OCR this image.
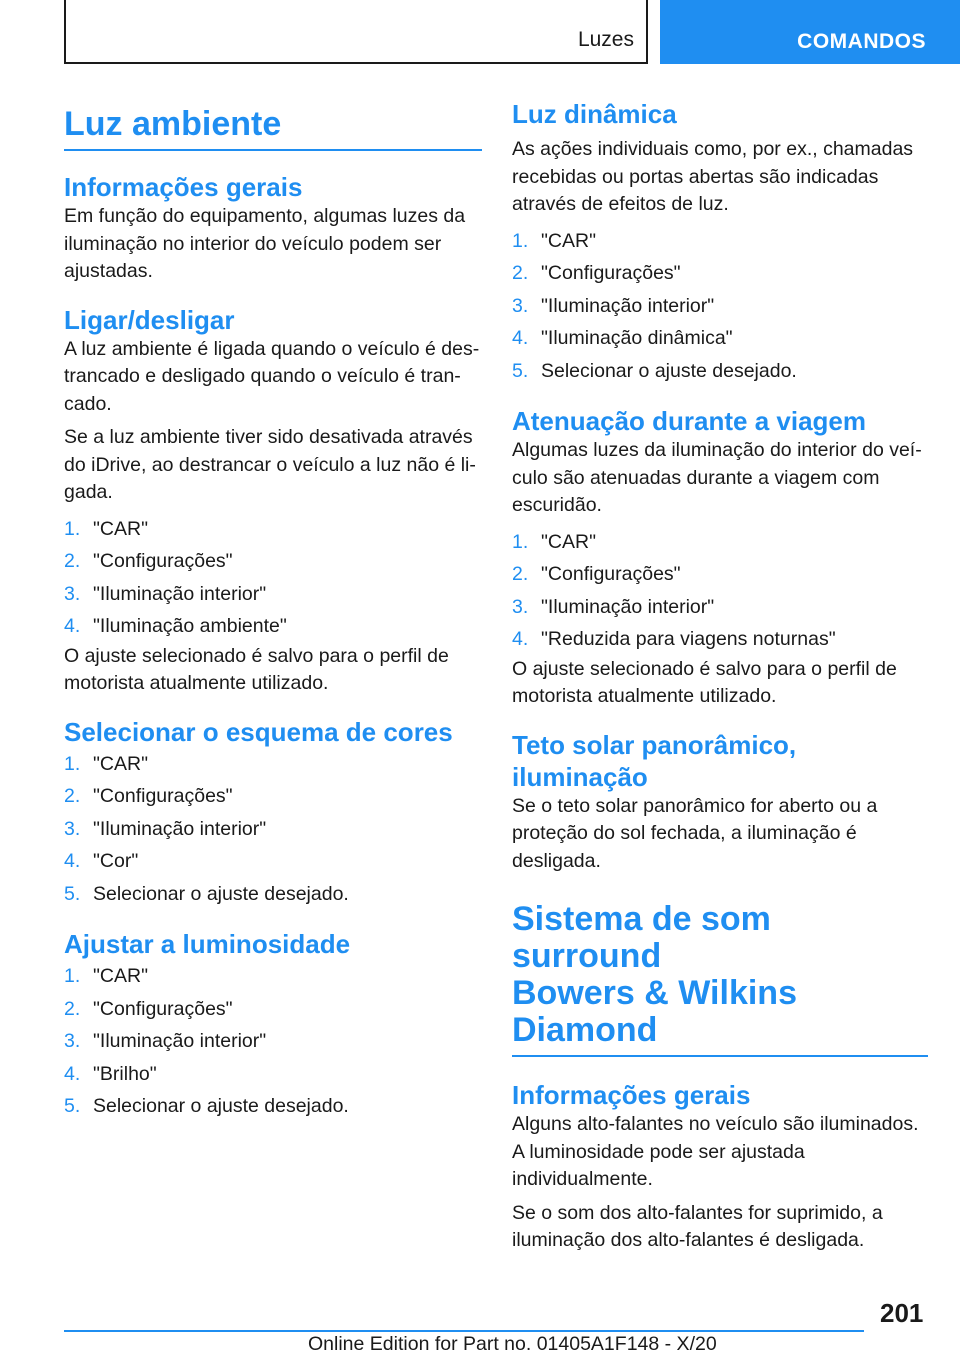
Luzes	COMANDOS
Luz ambiente
Informações gerais

Em função do equipamento, algumas luzes da iluminação no interior do veículo podem ser ajustadas.

Ligar/desligar

A luz ambiente é ligada quando o veículo é destrancado e desligado quando o veículo é trancado.

Se a luz ambiente tiver sido desativada através do iDrive, ao destrancar o veículo a luz não é ligada.

1. "CAR"
2. "Configurações"
3. "Iluminação interior"
4. "Iluminação ambiente"

O ajuste selecionado é salvo para o perfil de motorista atualmente utilizado.

Selecionar o esquema de cores
1. "CAR"
2. "Configurações"
3. "Iluminação interior"
4. "Cor"
5. Selecionar o ajuste desejado.
Ajustar a luminosidade
1. "CAR"
2. "Configurações"
3. "Iluminação interior"
4. "Brilho"
5. Selecionar o ajuste desejado.
Luz dinâmica

As ações individuais como, por ex., chamadas recebidas ou portas abertas são indicadas através de efeitos de luz.

1. "CAR"
2. "Configurações"
3. "Iluminação interior"
4. "Iluminação dinâmica"
5. Selecionar o ajuste desejado.
Atenuação durante a viagem

Algumas luzes da iluminação do interior do veículo são atenuadas durante a viagem com escuridão.

1. "CAR"
2. "Configurações"
3. "Iluminação interior"
4. "Reduzida para viagens noturnas"

O ajuste selecionado é salvo para o perfil de motorista atualmente utilizado.

Teto solar panorâmico,
iluminação

Se o teto solar panorâmico for aberto ou a proteção do sol fechada, a iluminação é desligada.

Sistema de som surround
Bowers & Wilkins Diamond
Informações gerais

Alguns alto-falantes no veículo são iluminados. A luminosidade pode ser ajustada individualmente.

Se o som dos alto-falantes for suprimido, a iluminação dos alto-falantes é desligada.

201
Online Edition for Part no. 01405A1F148 - X/20
